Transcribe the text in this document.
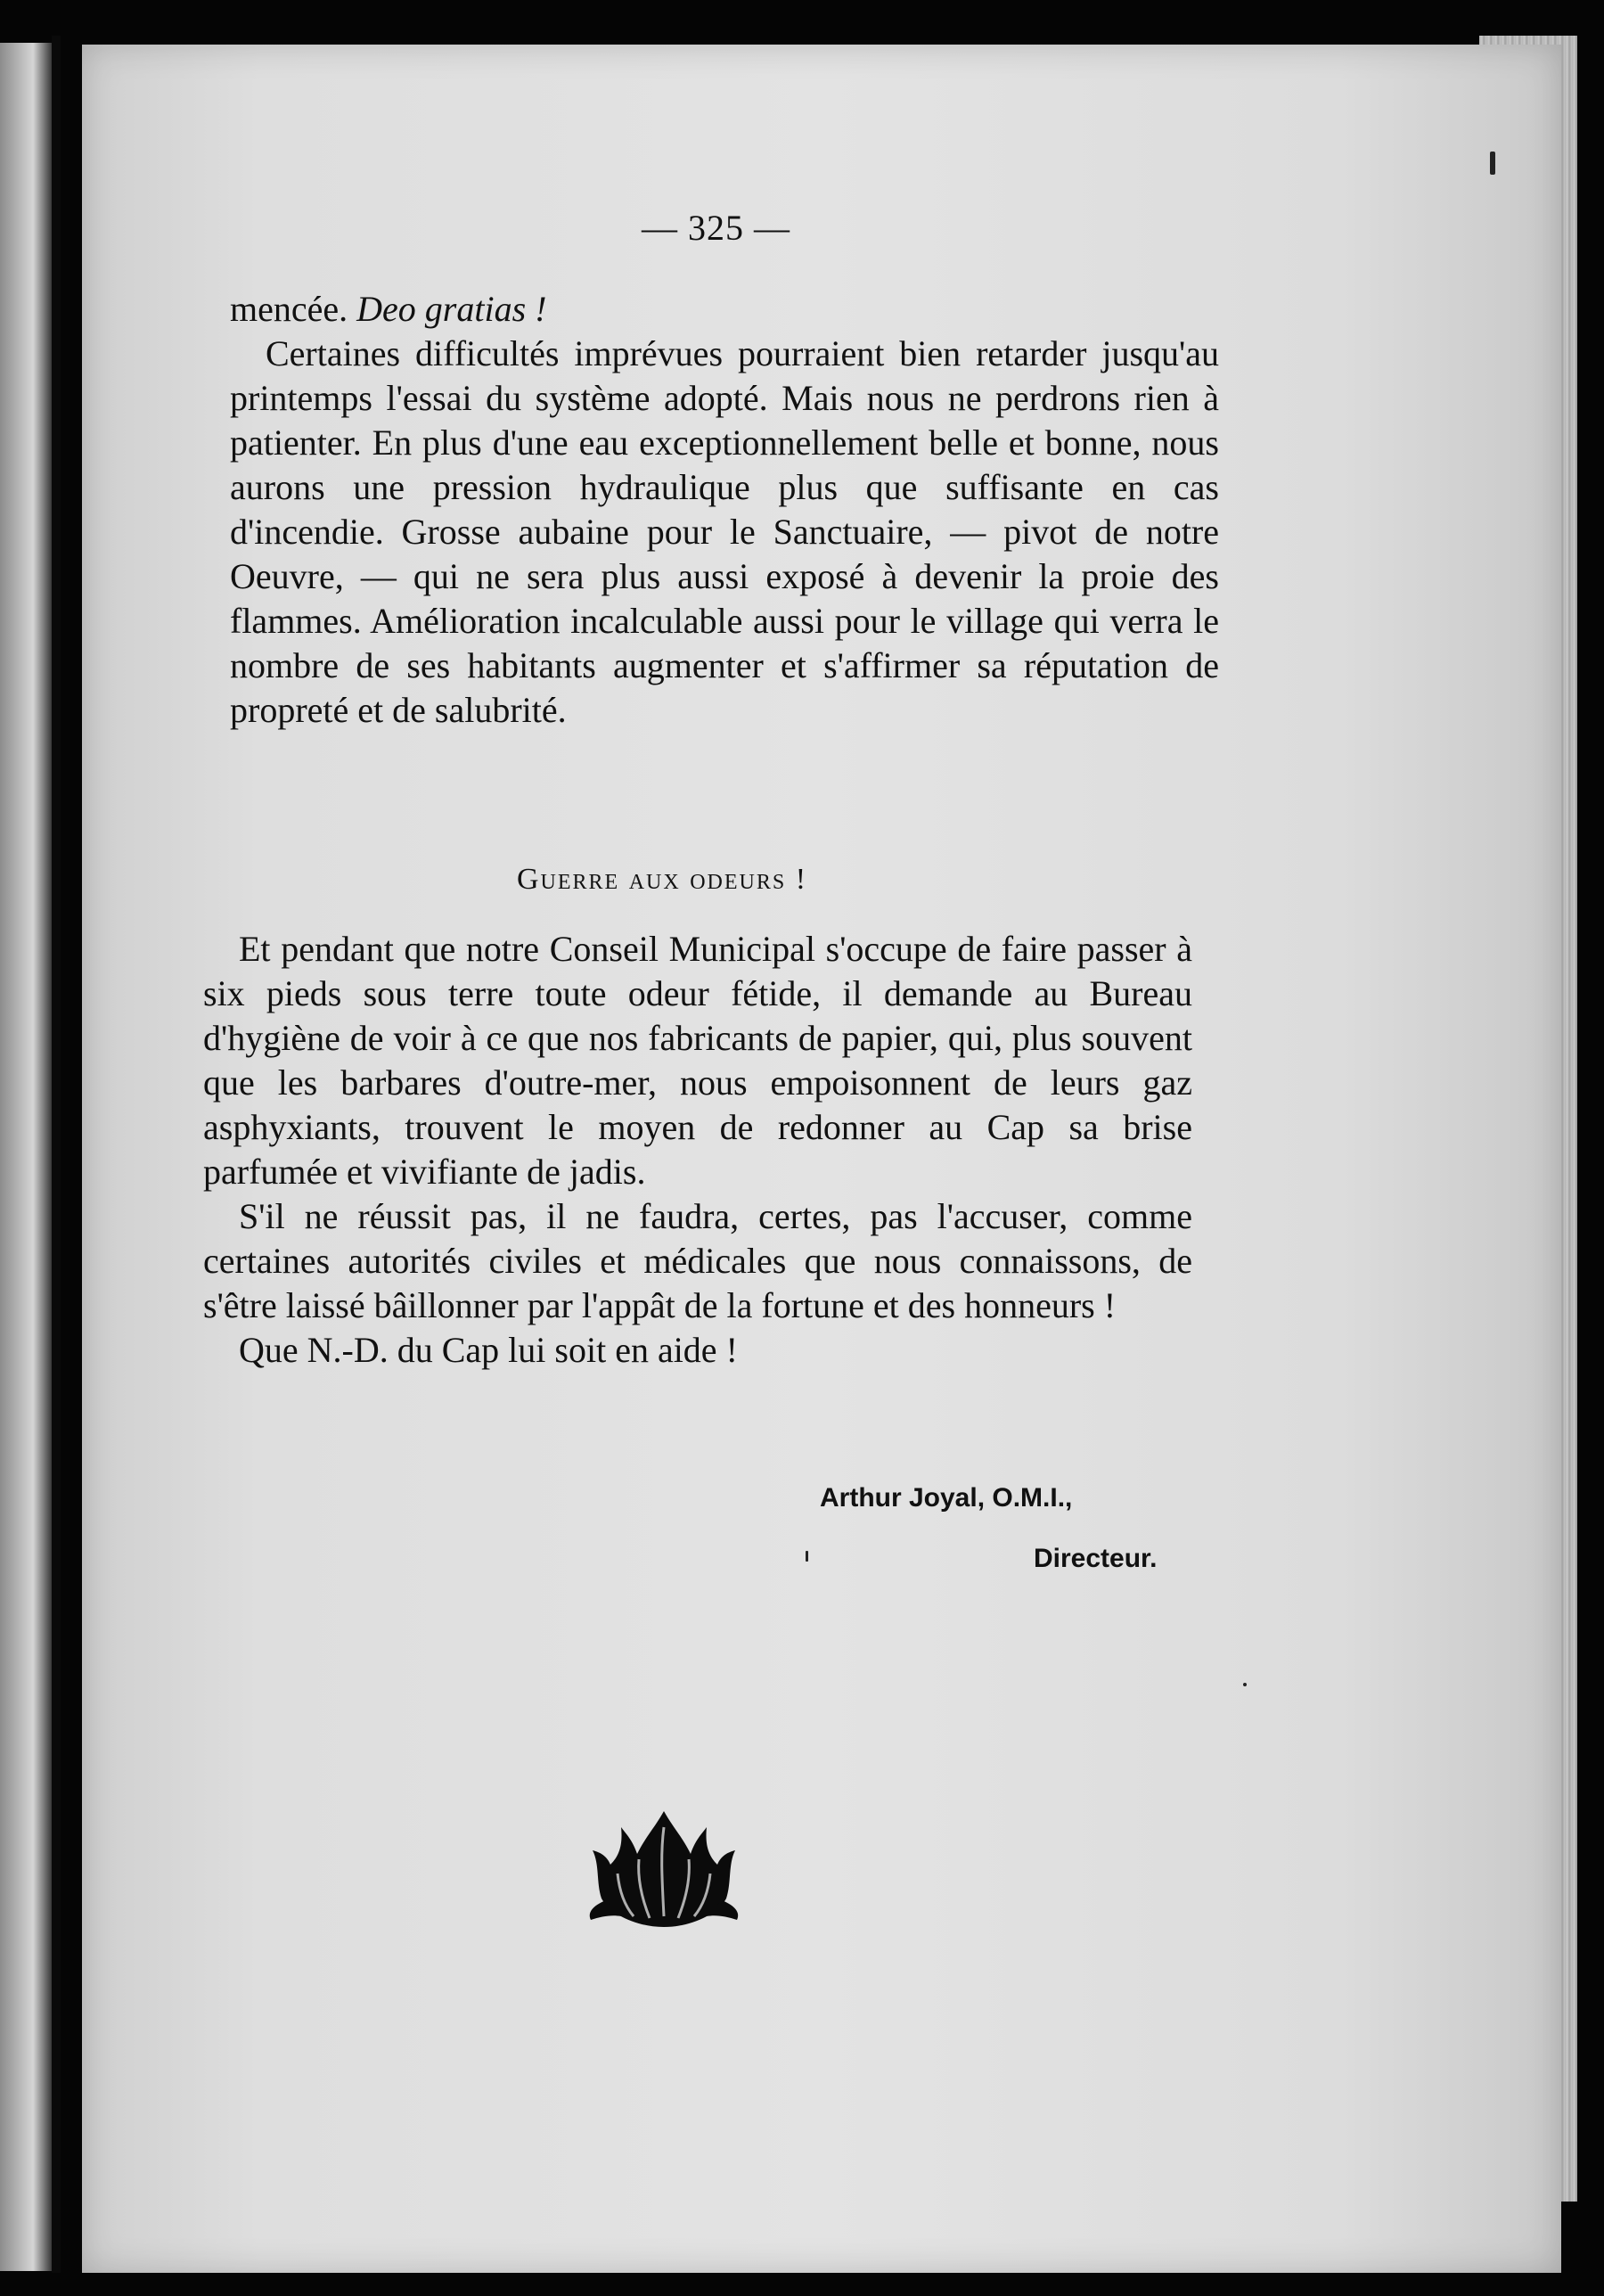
— 325 —

mencée. Deo gratias !

Certaines difficultés imprévues pourraient bien retarder jusqu'au printemps l'essai du système adopté. Mais nous ne perdrons rien à patienter. En plus d'une eau exceptionnellement belle et bonne, nous aurons une pression hydraulique plus que suffisante en cas d'incendie. Grosse aubaine pour le Sanctuaire, — pivot de notre Oeuvre, — qui ne sera plus aussi exposé à devenir la proie des flammes. Amélioration incalculable aussi pour le village qui verra le nombre de ses habitants augmenter et s'affirmer sa réputation de propreté et de salubrité.

Guerre aux odeurs !

Et pendant que notre Conseil Municipal s'occupe de faire passer à six pieds sous terre toute odeur fétide, il demande au Bureau d'hygiène de voir à ce que nos fabricants de papier, qui, plus souvent que les barbares d'outre-mer, nous empoisonnent de leurs gaz asphyxiants, trouvent le moyen de redonner au Cap sa brise parfumée et vivifiante de jadis.

S'il ne réussit pas, il ne faudra, certes, pas l'accuser, comme certaines autorités civiles et médicales que nous connaissons, de s'être laissé bâillonner par l'appât de la fortune et des honneurs !

Que N.-D. du Cap lui soit en aide !

Arthur Joyal, O.M.I.,
Directeur.
